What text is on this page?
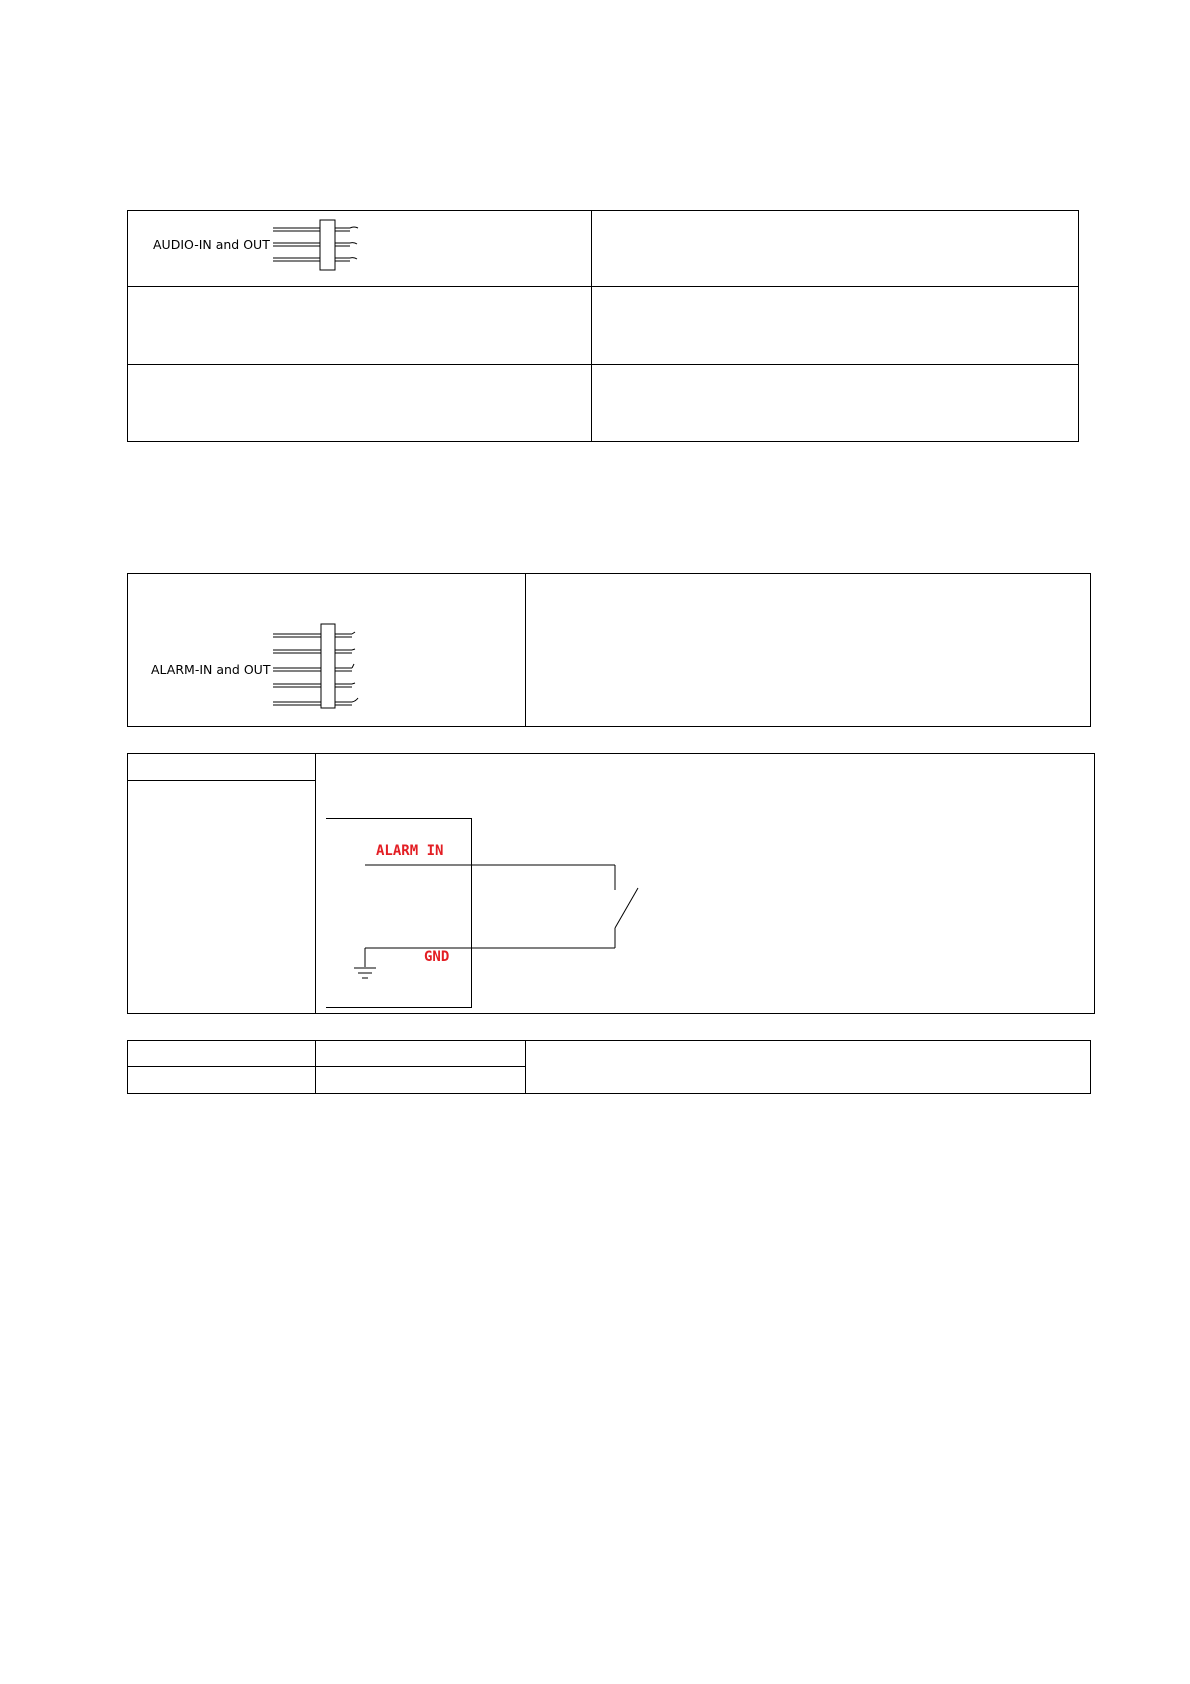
AUDIO-IN and OUT
ALARM-IN and OUT
ALARM IN
GND
